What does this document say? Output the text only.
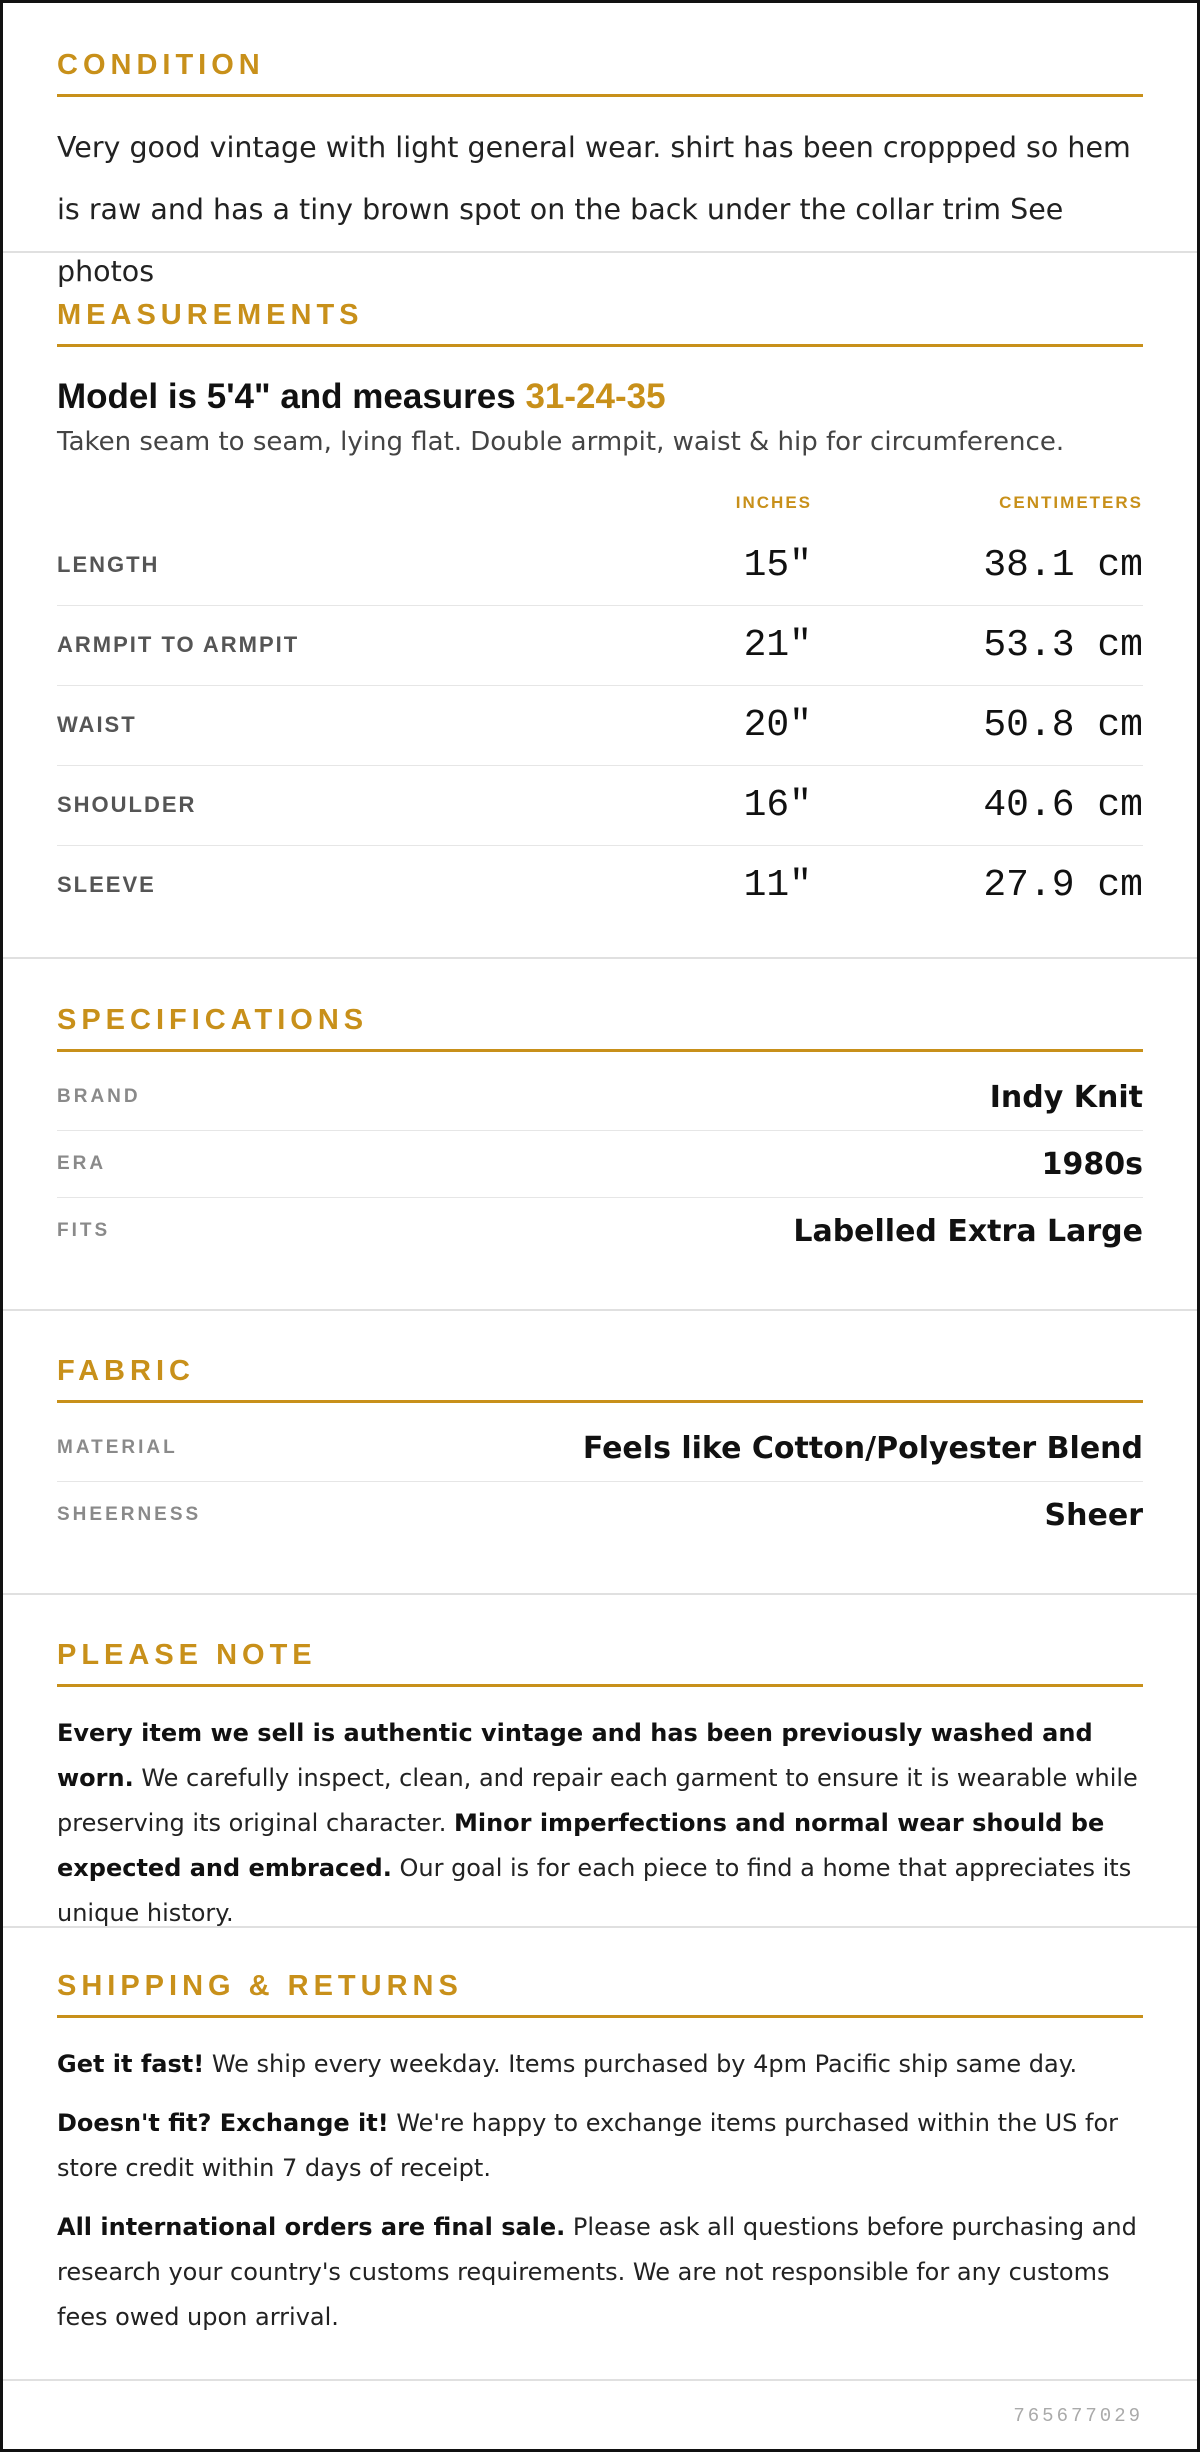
CONDITION

Very good vintage with light general wear. shirt has been croppped so hem is raw and has a tiny brown spot on the back under the collar trim See photos

MEASUREMENTS
Model is 5'4" and measures 31-24-35
Taken seam to seam, lying flat. Double armpit, waist & hip for circumference.
INCHES	CENTIMETERS
LENGTH	15"	38.1 cm
ARMPIT TO ARMPIT	21"	53.3 cm
WAIST	20"	50.8 cm
SHOULDER	16"	40.6 cm
SLEEVE	11"	27.9 cm
SPECIFICATIONS
BRAND	Indy Knit
ERA	1980s
FITS	Labelled Extra Large
FABRIC
MATERIAL	Feels like Cotton/Polyester Blend
SHEERNESS	Sheer
PLEASE NOTE

Every item we sell is authentic vintage and has been previously washed and worn. We carefully inspect, clean, and repair each garment to ensure it is wearable while preserving its original character. Minor imperfections and normal wear should be expected and embraced. Our goal is for each piece to find a home that appreciates its unique history.

SHIPPING & RETURNS

Get it fast! We ship every weekday. Items purchased by 4pm Pacific ship same day.

Doesn't fit? Exchange it! We're happy to exchange items purchased within the US for store credit within 7 days of receipt.

All international orders are final sale. Please ask all questions before purchasing and research your country's customs requirements. We are not responsible for any customs fees owed upon arrival.

765677029
